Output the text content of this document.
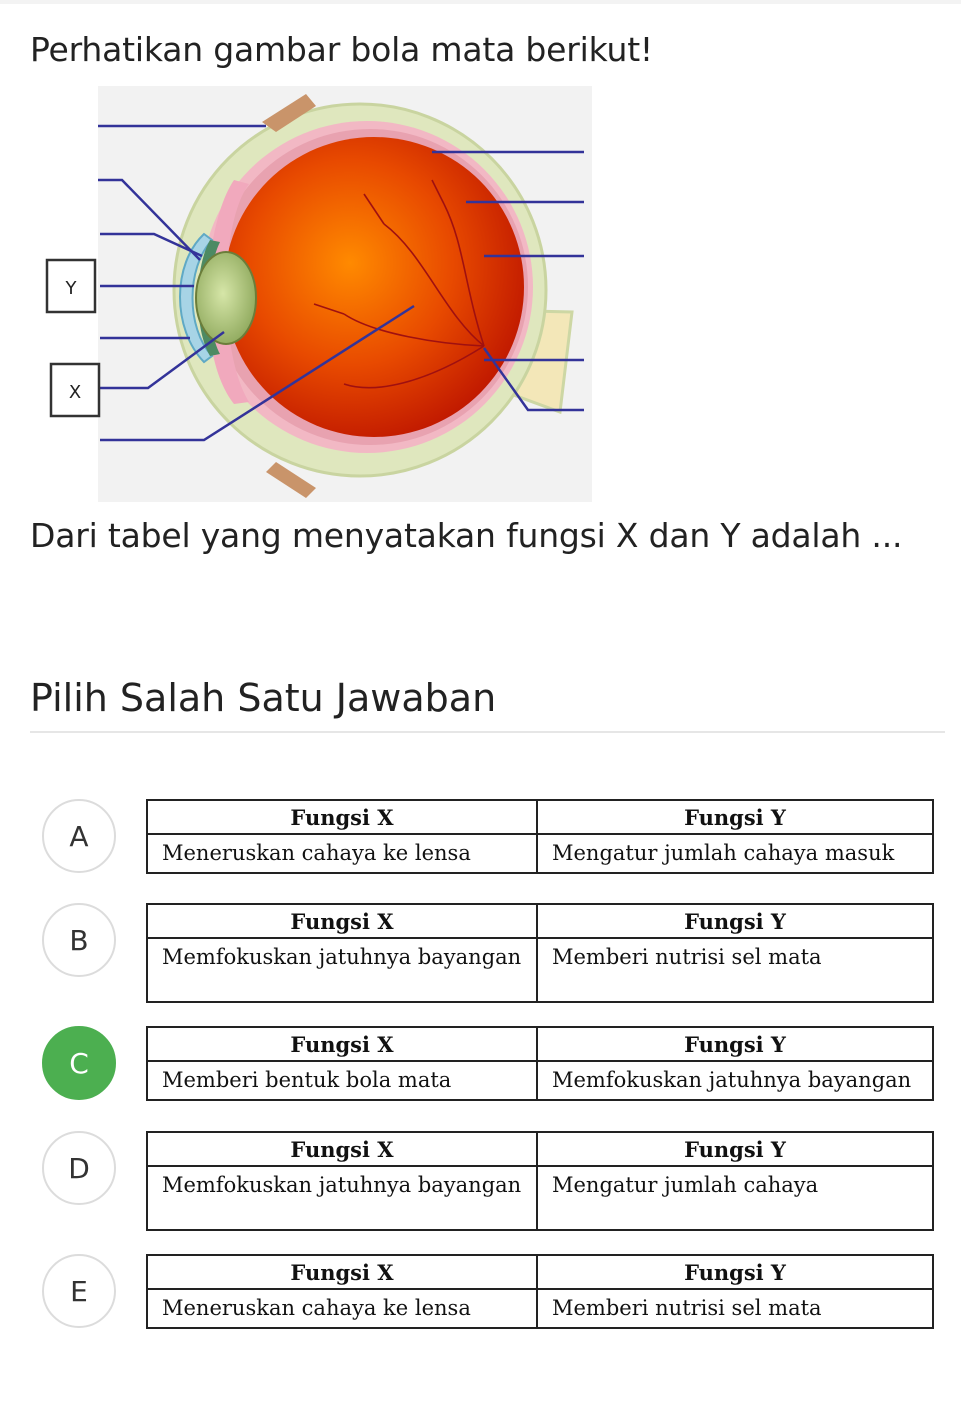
Perhatikan gambar bola mata berikut!
Y
X
Dari tabel yang menyatakan fungsi X dan Y adalah ...
Pilih Salah Satu Jawaban
A
Fungsi X	Fungsi Y
Meneruskan cahaya ke lensa	Mengatur jumlah cahaya masuk
B
Fungsi X	Fungsi Y
Memfokuskan jatuhnya bayangan	Memberi nutrisi sel mata
C
Fungsi X	Fungsi Y
Memberi bentuk bola mata	Memfokuskan jatuhnya bayangan
D
Fungsi X	Fungsi Y
Memfokuskan jatuhnya bayangan	Mengatur jumlah cahaya
E
Fungsi X	Fungsi Y
Meneruskan cahaya ke lensa	Memberi nutrisi sel mata
